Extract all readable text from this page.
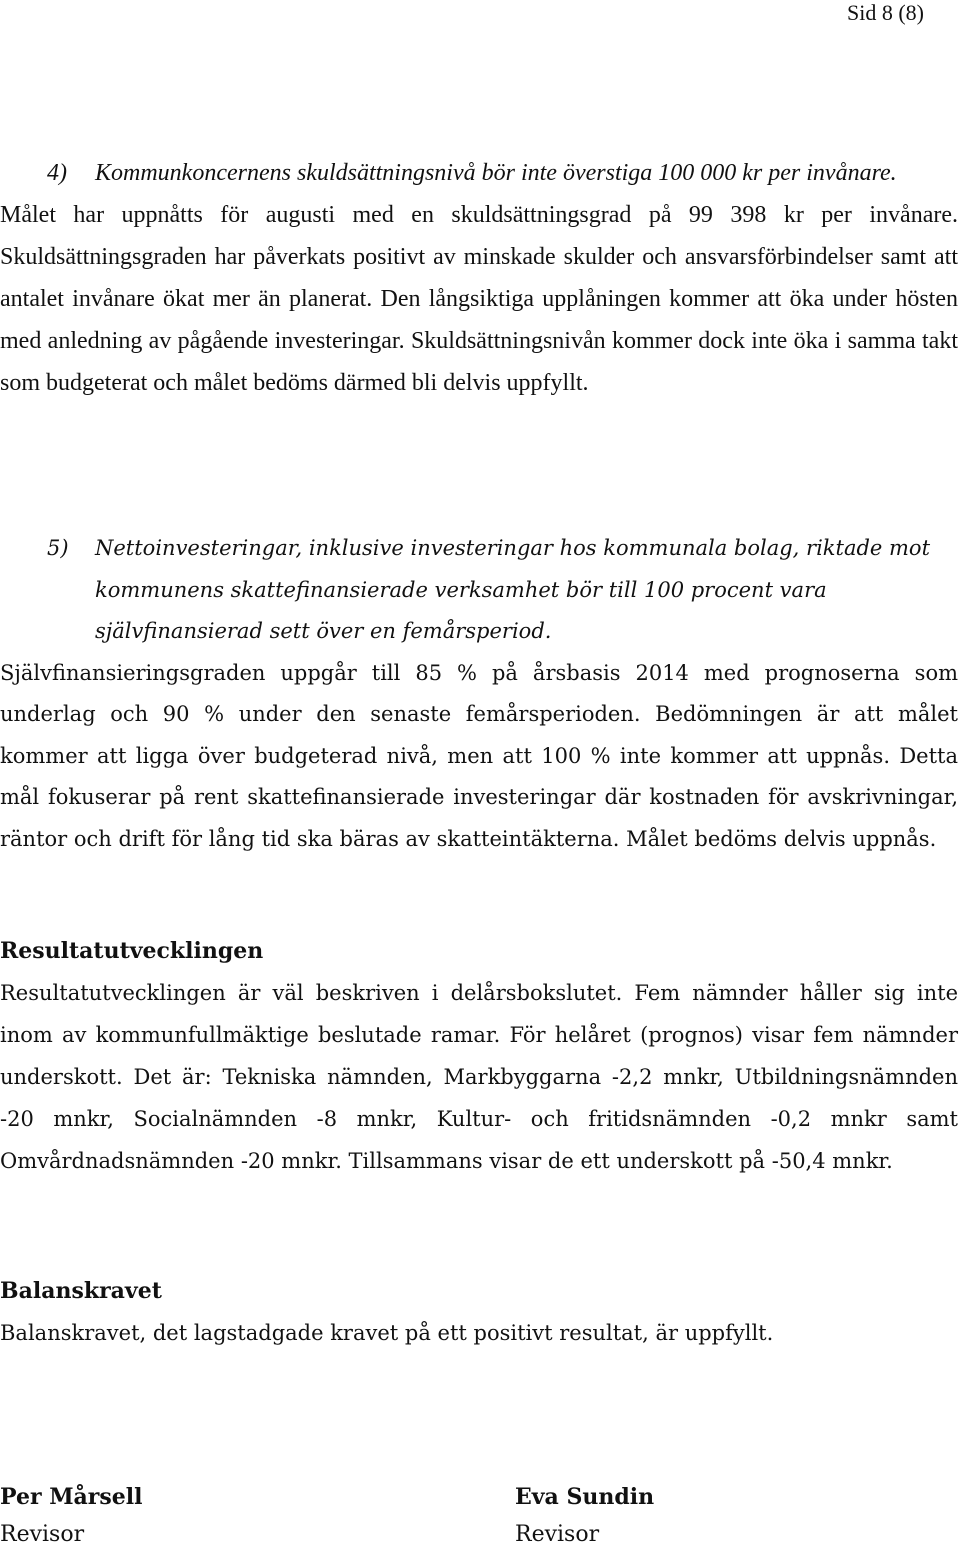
Sid 8 (8)

4) Kommunkoncernens skuldsättningsnivå bör inte överstiga 100 000 kr per invånare.

Målet har uppnåtts för augusti med en skuldsättningsgrad på 99 398 kr per invånare. Skuldsättningsgraden har påverkats positivt av minskade skulder och ansvarsförbindelser samt att antalet invånare ökat mer än planerat. Den långsiktiga upplåningen kommer att öka under hösten med anledning av pågående investeringar. Skuldsättningsnivån kommer dock inte öka i samma takt som budgeterat och målet bedöms därmed bli delvis uppfyllt.

5) Nettoinvesteringar, inklusive investeringar hos kommunala bolag, riktade mot kommunens skattefinansierade verksamhet bör till 100 procent vara självfinansierad sett över en femårsperiod.

Självfinansieringsgraden uppgår till 85 % på årsbasis 2014 med prognoserna som underlag och 90 % under den senaste femårsperioden. Bedömningen är att målet kommer att ligga över budgeterad nivå, men att 100 % inte kommer att uppnås. Detta mål fokuserar på rent skattefinansierade investeringar där kostnaden för avskrivningar, räntor och drift för lång tid ska bäras av skatteintäkterna. Målet bedöms delvis uppnås.

Resultatutvecklingen

Resultatutvecklingen är väl beskriven i delårsbokslutet. Fem nämnder håller sig inte inom av kommunfullmäktige beslutade ramar. För helåret (prognos) visar fem nämnder underskott. Det är: Tekniska nämnden, Markbyggarna -2,2 mnkr, Utbildningsnämnden -20 mnkr, Socialnämnden -8 mnkr, Kultur- och fritidsnämnden -0,2 mnkr samt Omvårdnadsnämnden -20 mnkr. Tillsammans visar de ett underskott på -50,4 mnkr.

Balanskravet

Balanskravet, det lagstadgade kravet på ett positivt resultat, är uppfyllt.

Per Mårsell
Revisor
Eva Sundin
Revisor
